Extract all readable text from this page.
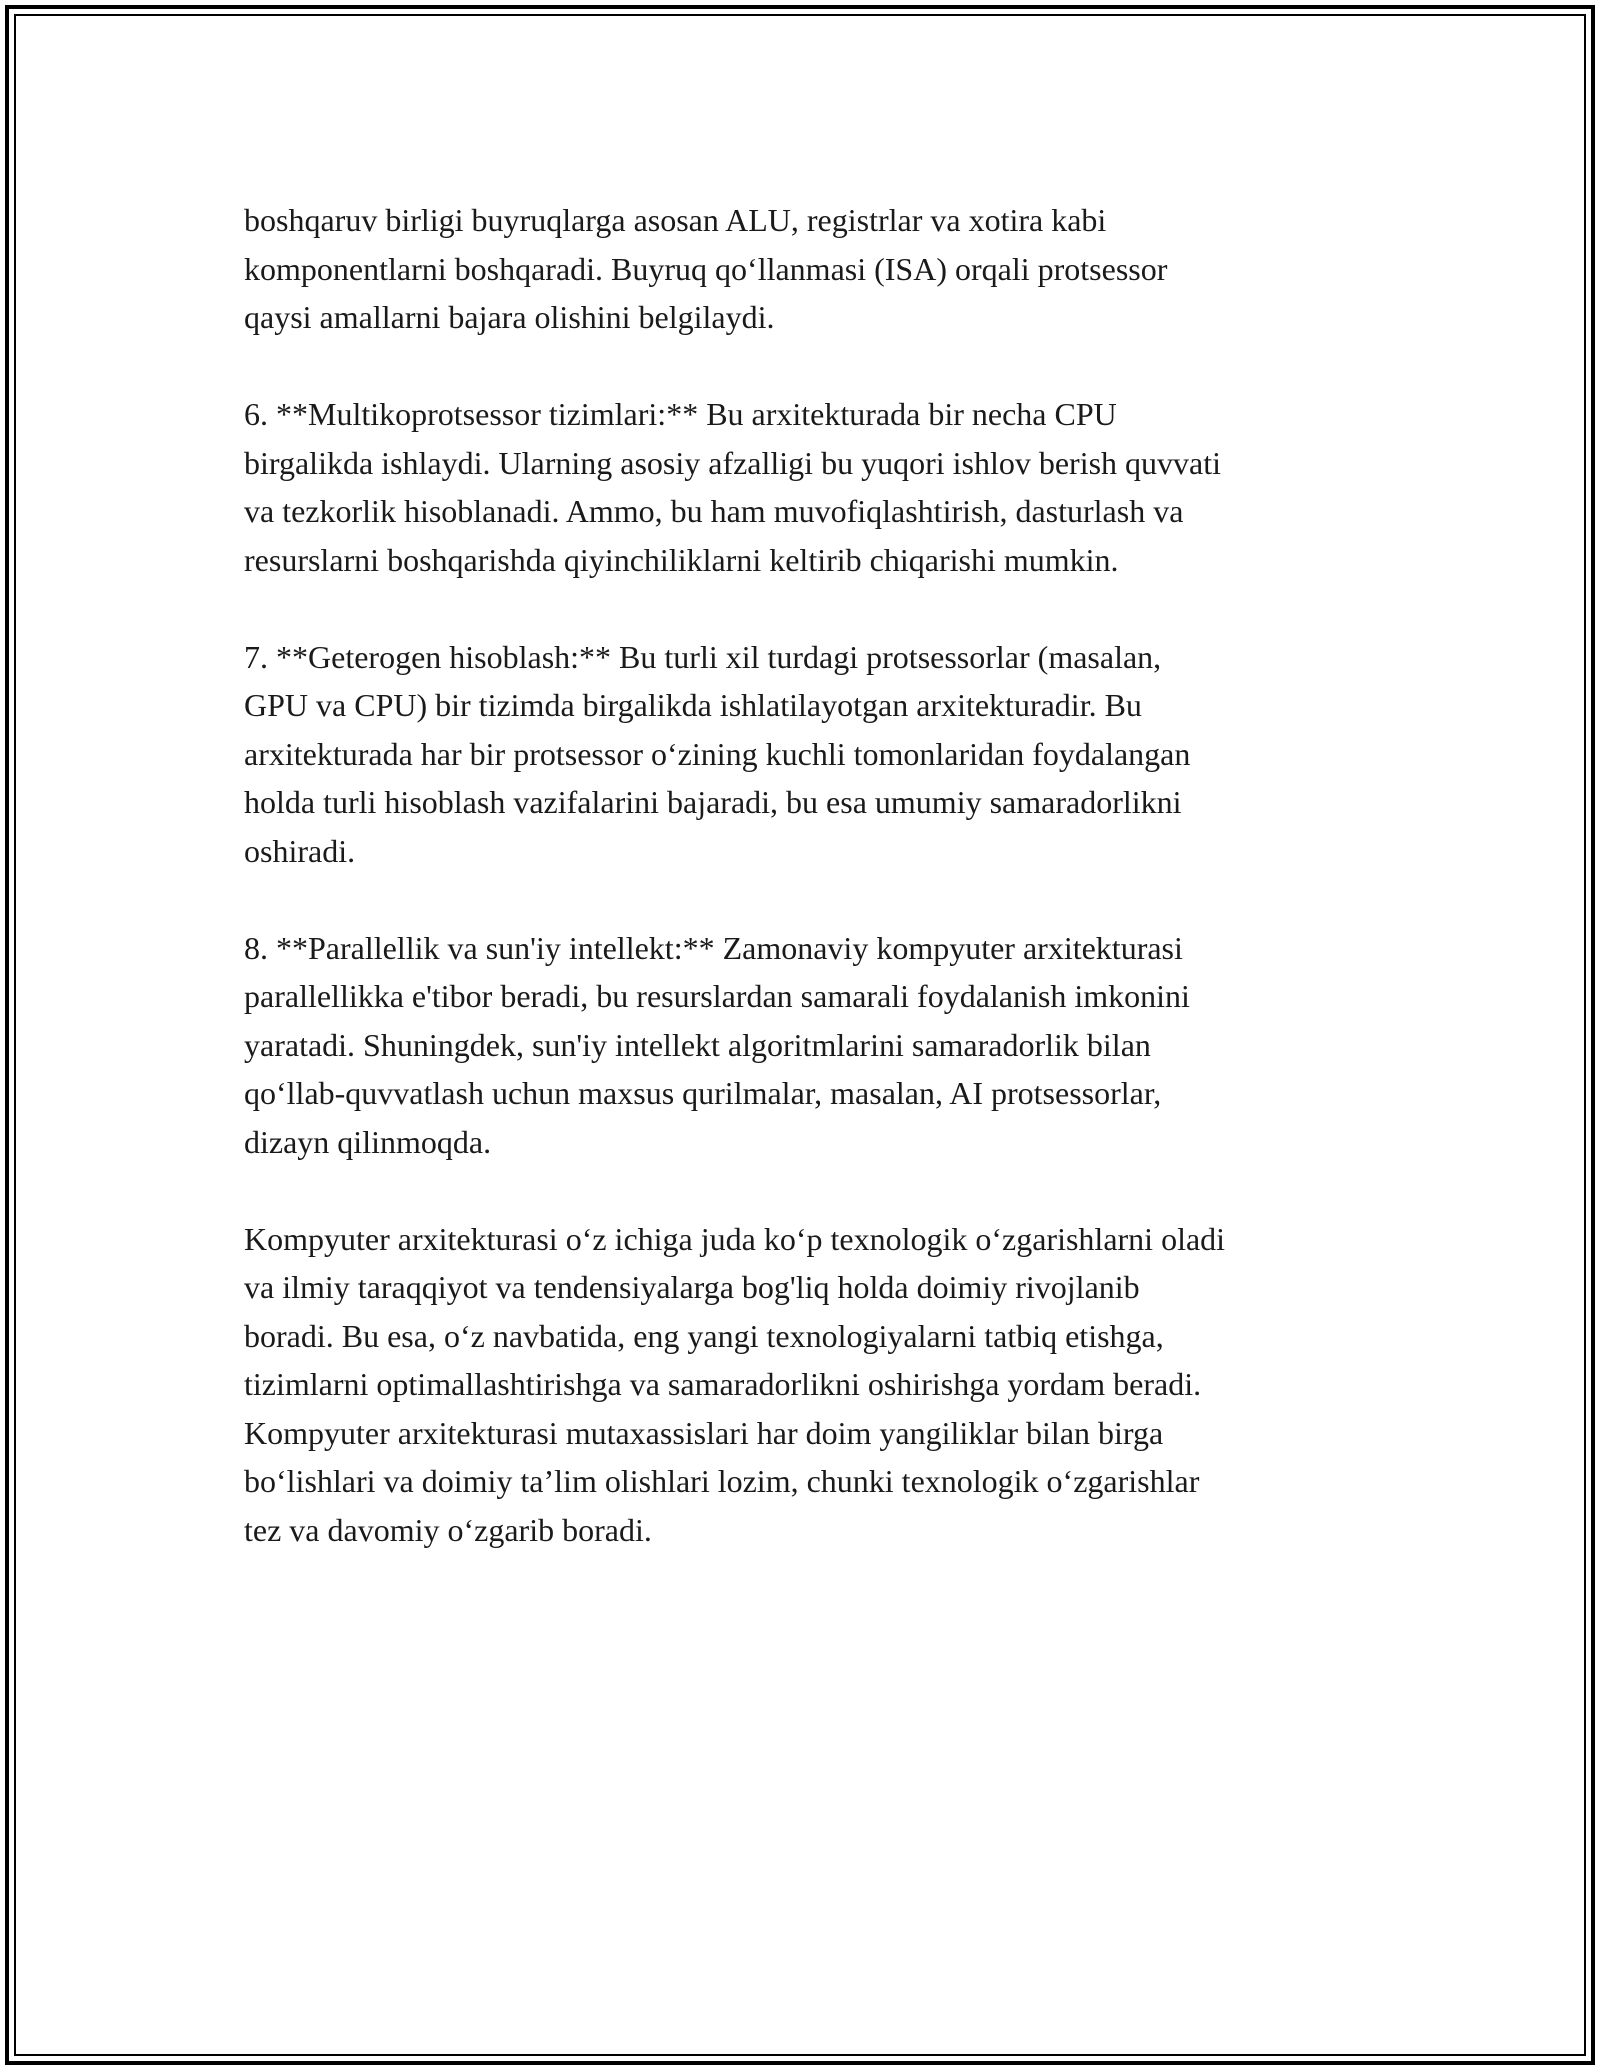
boshqaruv birligi buyruqlarga asosan ALU, registrlar va xotira kabi
komponentlarni boshqaradi. Buyruq qo‘llanmasi (ISA) orqali protsessor
qaysi amallarni bajara olishini belgilaydi.

6. **Multikoprotsessor tizimlari:** Bu arxitekturada bir necha CPU
birgalikda ishlaydi. Ularning asosiy afzalligi bu yuqori ishlov berish quvvati
va tezkorlik hisoblanadi. Ammo, bu ham muvofiqlashtirish, dasturlash va
resurslarni boshqarishda qiyinchiliklarni keltirib chiqarishi mumkin.

7. **Geterogen hisoblash:** Bu turli xil turdagi protsessorlar (masalan,
GPU va CPU) bir tizimda birgalikda ishlatilayotgan arxitekturadir. Bu
arxitekturada har bir protsessor o‘zining kuchli tomonlaridan foydalangan
holda turli hisoblash vazifalarini bajaradi, bu esa umumiy samaradorlikni
oshiradi.

8. **Parallellik va sun'iy intellekt:** Zamonaviy kompyuter arxitekturasi
parallellikka e'tibor beradi, bu resurslardan samarali foydalanish imkonini
yaratadi. Shuningdek, sun'iy intellekt algoritmlarini samaradorlik bilan
qo‘llab-quvvatlash uchun maxsus qurilmalar, masalan, AI protsessorlar,
dizayn qilinmoqda.

Kompyuter arxitekturasi o‘z ichiga juda ko‘p texnologik o‘zgarishlarni oladi
va ilmiy taraqqiyot va tendensiyalarga bog'liq holda doimiy rivojlanib
boradi. Bu esa, o‘z navbatida, eng yangi texnologiyalarni tatbiq etishga,
tizimlarni optimallashtirishga va samaradorlikni oshirishga yordam beradi.
Kompyuter arxitekturasi mutaxassislari har doim yangiliklar bilan birga
bo‘lishlari va doimiy ta’lim olishlari lozim, chunki texnologik o‘zgarishlar
tez va davomiy o‘zgarib boradi.
